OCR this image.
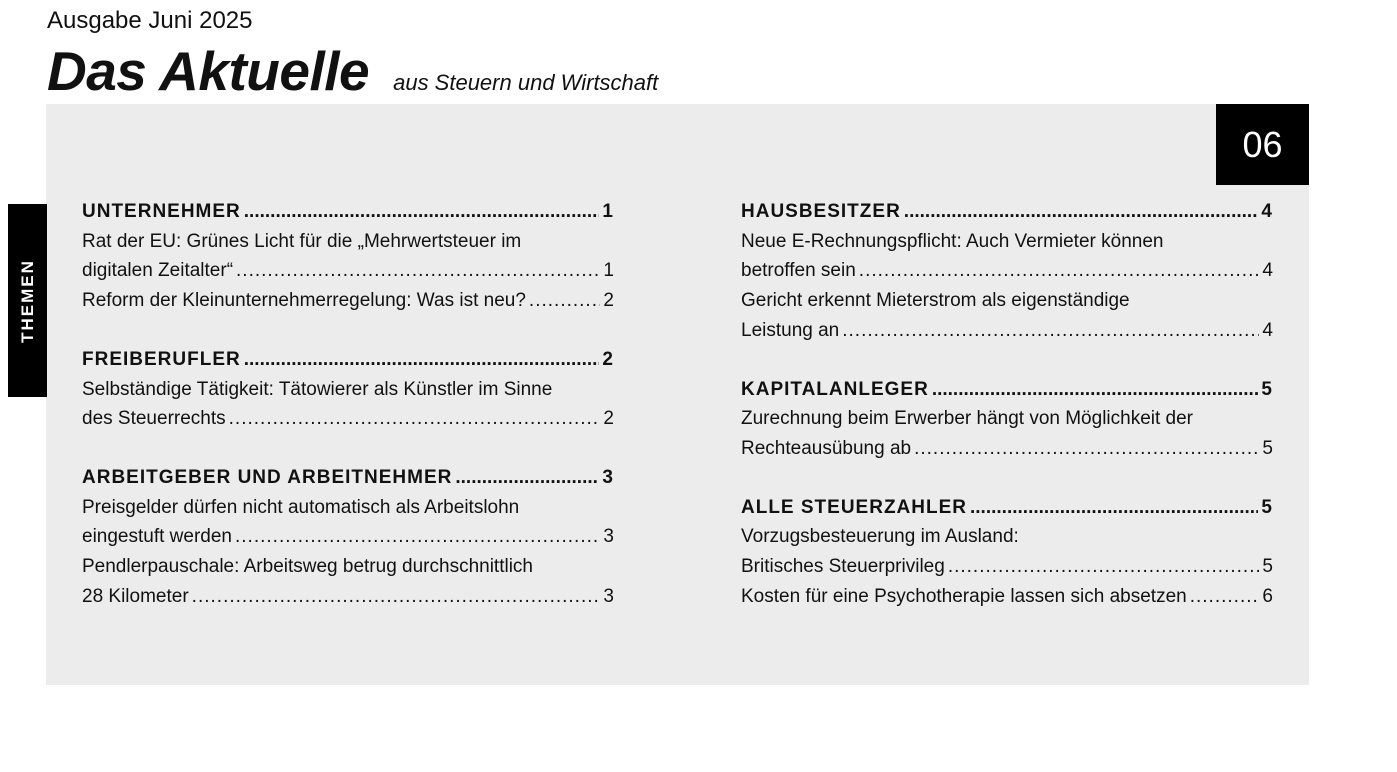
Ausgabe Juni 2025
Das Aktuelle aus Steuern und Wirtschaft
06
THEMEN
UNTERNEHMER .....	1
Rat der EU: Grünes Licht für die „Mehrwertsteuer im
digitalen Zeitalter“ .....	1
Reform der Kleinunternehmerregelung: Was ist neu? .....	2
FREIBERUFLER .....	2
Selbständige Tätigkeit: Tätowierer als Künstler im Sinne
des Steuerrechts .....	2
ARBEITGEBER UND ARBEITNEHMER .....	3
Preisgelder dürfen nicht automatisch als Arbeitslohn
eingestuft werden .....	3
Pendlerpauschale: Arbeitsweg betrug durchschnittlich
28 Kilometer .....	3
HAUSBESITZER .....	4
Neue E-Rechnungspflicht: Auch Vermieter können
betroffen sein .....	4
Gericht erkennt Mieterstrom als eigenständige
Leistung an .....	4
KAPITALANLEGER .....	5
Zurechnung beim Erwerber hängt von Möglichkeit der
Rechteausübung ab .....	5
ALLE STEUERZAHLER .....	5
Vorzugsbesteuerung im Ausland:
Britisches Steuerprivileg .....	5
Kosten für eine Psychotherapie lassen sich absetzen .....	6
